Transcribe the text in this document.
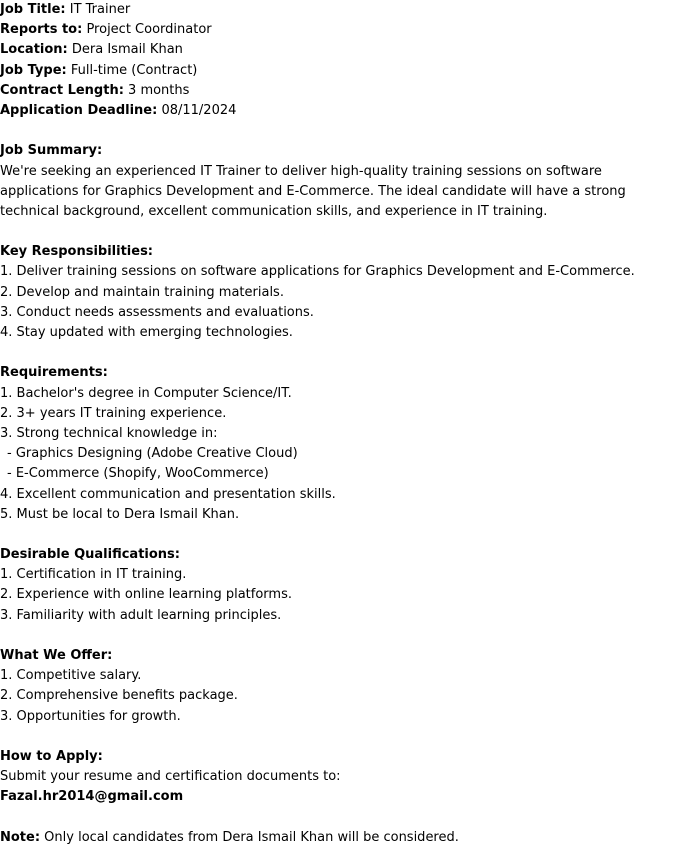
Job Title: IT Trainer
Reports to: Project Coordinator
Location: Dera Ismail Khan
Job Type: Full-time (Contract)
Contract Length: 3 months
Application Deadline: 08/11/2024
Job Summary:
We're seeking an experienced IT Trainer to deliver high-quality training sessions on software
applications for Graphics Development and E-Commerce. The ideal candidate will have a strong
technical background, excellent communication skills, and experience in IT training.
Key Responsibilities:
1. Deliver training sessions on software applications for Graphics Development and E-Commerce.
2. Develop and maintain training materials.
3. Conduct needs assessments and evaluations.
4. Stay updated with emerging technologies.
Requirements:
1. Bachelor's degree in Computer Science/IT.
2. 3+ years IT training experience.
3. Strong technical knowledge in:
- Graphics Designing (Adobe Creative Cloud)
- E-Commerce (Shopify, WooCommerce)
4. Excellent communication and presentation skills.
5. Must be local to Dera Ismail Khan.
Desirable Qualifications:
1. Certification in IT training.
2. Experience with online learning platforms.
3. Familiarity with adult learning principles.
What We Offer:
1. Competitive salary.
2. Comprehensive benefits package.
3. Opportunities for growth.
How to Apply:
Submit your resume and certification documents to:
Fazal.hr2014@gmail.com
Note: Only local candidates from Dera Ismail Khan will be considered.
